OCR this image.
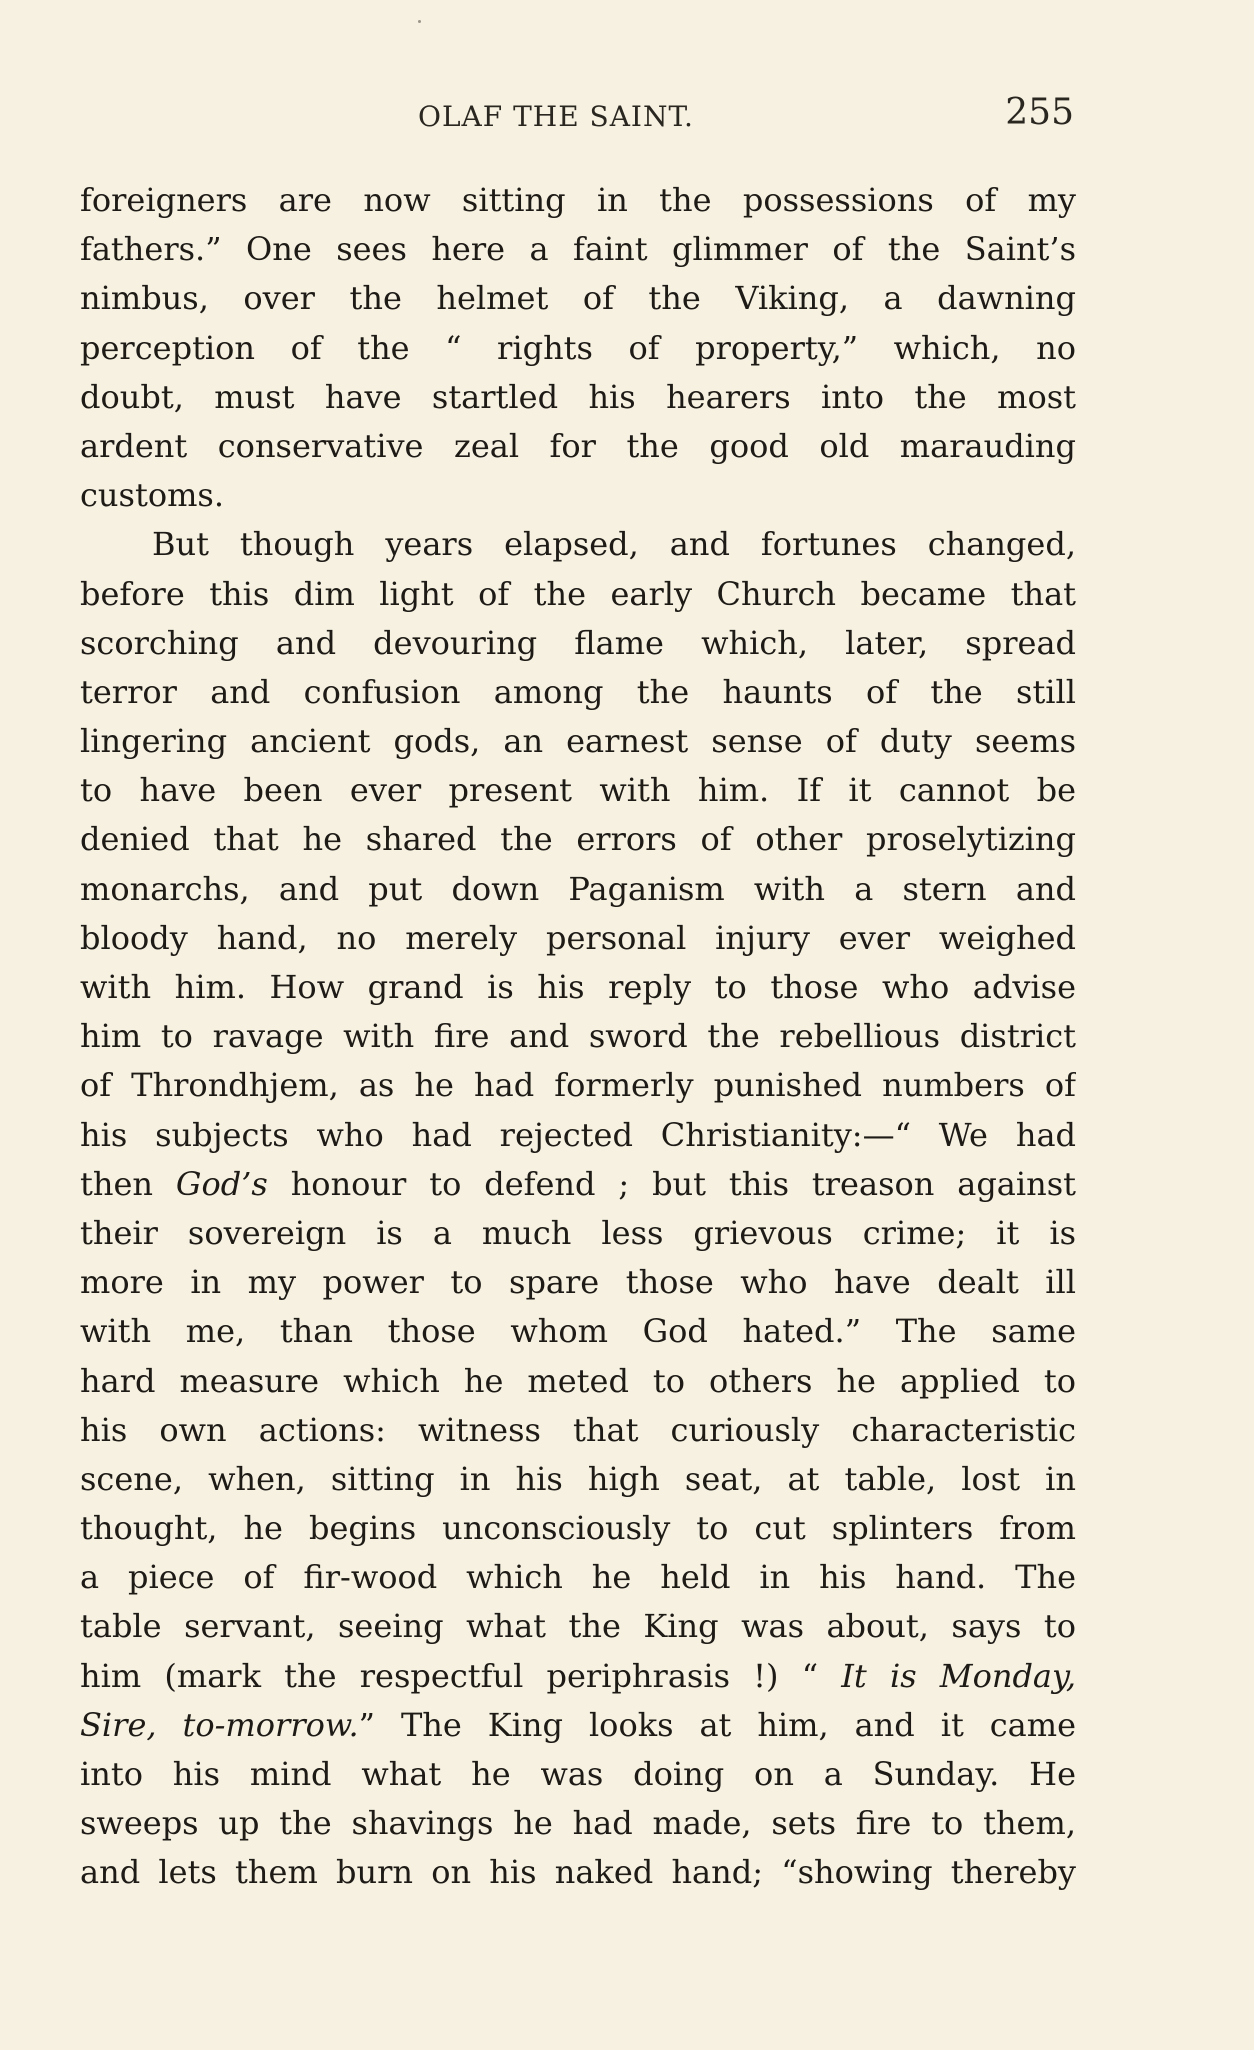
OLAF THE SAINT.	255
foreigners are now sitting in the possessions of my
fathers.” One sees here a faint glimmer of the Saint’s
nimbus, over the helmet of the Viking, a dawning
perception of the “ rights of property,” which, no
doubt, must have startled his hearers into the most
ardent conservative zeal for the good old marauding
customs.
But though years elapsed, and fortunes changed,
before this dim light of the early Church became that
scorching and devouring flame which, later, spread
terror and confusion among the haunts of the still
lingering ancient gods, an earnest sense of duty seems
to have been ever present with him. If it cannot be
denied that he shared the errors of other proselytizing
monarchs, and put down Paganism with a stern and
bloody hand, no merely personal injury ever weighed
with him. How grand is his reply to those who advise
him to ravage with fire and sword the rebellious district
of Throndhjem, as he had formerly punished numbers of
his subjects who had rejected Christianity:—“ We had
then God’s honour to defend ; but this treason against
their sovereign is a much less grievous crime; it is
more in my power to spare those who have dealt ill
with me, than those whom God hated.” The same
hard measure which he meted to others he applied to
his own actions: witness that curiously characteristic
scene, when, sitting in his high seat, at table, lost in
thought, he begins unconsciously to cut splinters from
a piece of fir-wood which he held in his hand. The
table servant, seeing what the King was about, says to
him (mark the respectful periphrasis !) “ It is Monday,
Sire, to-morrow.” The King looks at him, and it came
into his mind what he was doing on a Sunday. He
sweeps up the shavings he had made, sets fire to them,
and lets them burn on his naked hand; “showing thereby
